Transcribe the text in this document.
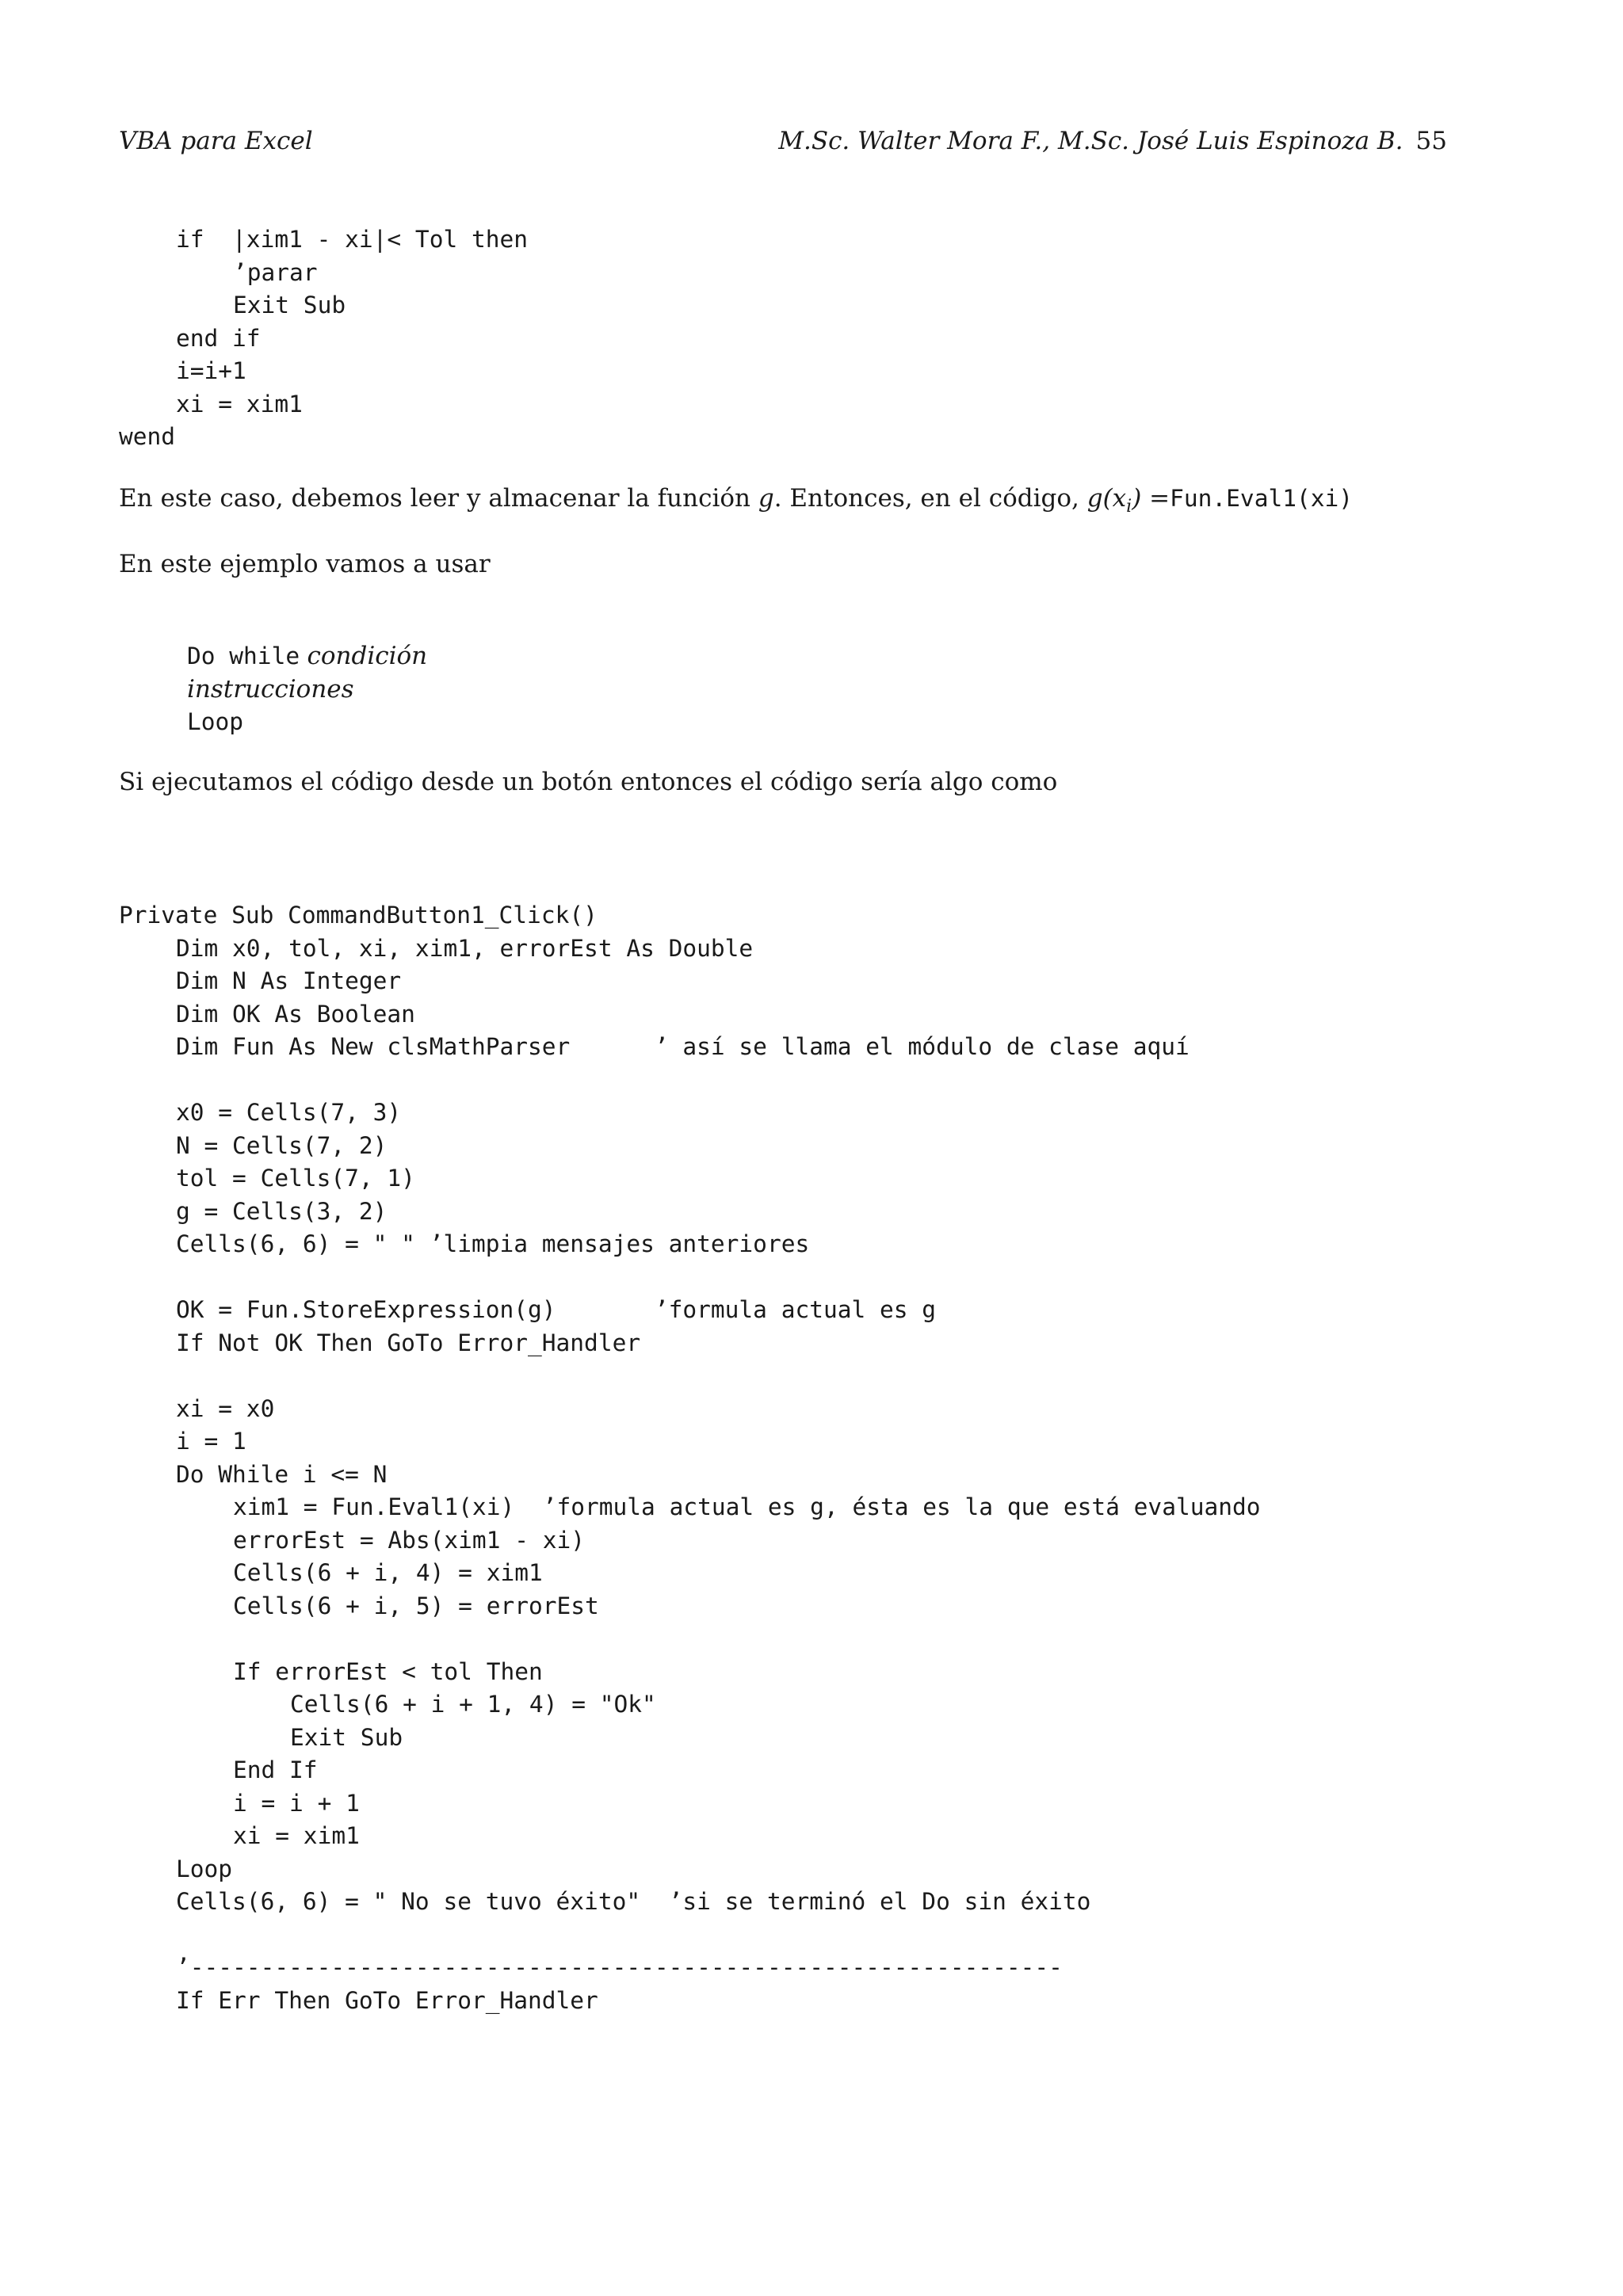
VBA para Excel	M.Sc. Walter Mora F., M.Sc. José Luis Espinoza B. 55
if  |xim1 - xi|< Tol then
’parar
Exit Sub
end if
i=i+1
xi = xim1
wend
En este caso, debemos leer y almacenar la función g. Entonces, en el código, $g(x_i)$ =Fun.Eval1(xi)
En este ejemplo vamos a usar
Do while condición
instrucciones
Loop
Si ejecutamos el código desde un botón entonces el código sería algo como
Private Sub CommandButton1_Click()
Dim x0, tol, xi, xim1, errorEst As Double
Dim N As Integer
Dim OK As Boolean
Dim Fun As New clsMathParser      ’ así se llama el módulo de clase aquí
x0 = Cells(7, 3)
N = Cells(7, 2)
tol = Cells(7, 1)
g = Cells(3, 2)
Cells(6, 6) = " " ’limpia mensajes anteriores
OK = Fun.StoreExpression(g)       ’formula actual es g
If Not OK Then GoTo Error_Handler
xi = x0
i = 1
Do While i <= N
xim1 = Fun.Eval1(xi)  ’formula actual es g, ésta es la que está evaluando
errorEst = Abs(xim1 - xi)
Cells(6 + i, 4) = xim1
Cells(6 + i, 5) = errorEst
If errorEst < tol Then
Cells(6 + i + 1, 4) = "Ok"
Exit Sub
End If
i = i + 1
xi = xim1
Loop
Cells(6, 6) = " No se tuvo éxito"  ’si se terminó el Do sin éxito
’--------------------------------------------------------------
If Err Then GoTo Error_Handler
